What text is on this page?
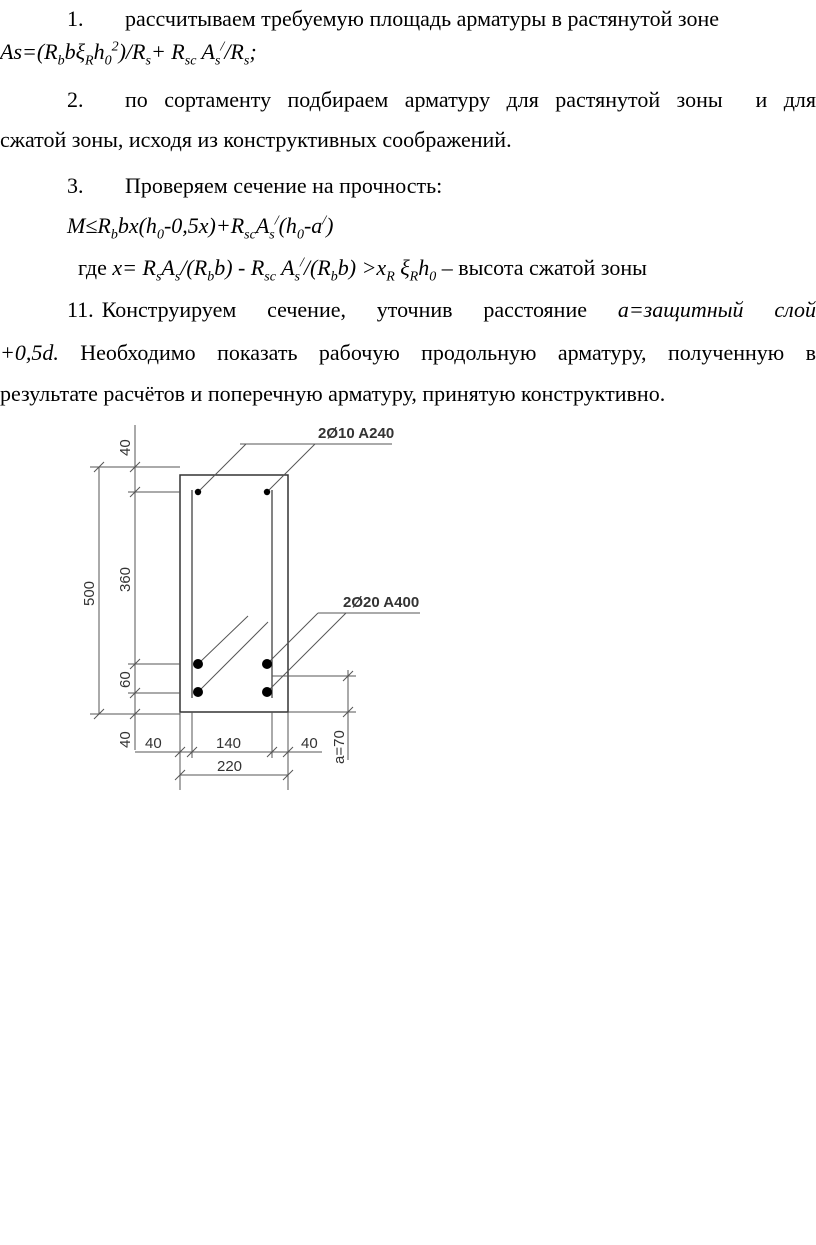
1. рассчитываем требуемую площадь арматуры в растянутой зоне
$As=(R_bb\xi_Rh_0^2)/R_s+ R_{sc}$ $A_s^//R_s$;
2. по сортаменту подбираем арматуру для растянутой зоны и для
сжатой зоны, исходя из конструктивных соображений.
3. Проверяем сечение на прочность:
$M\le R_bbx(h_0-0,5x)+R_{sc}A_s^/(h_0-a^/)$
где $x= R_sA_s/(R_bb) - R_{sc}$ $A_s^//(R_bb) >x_R$ $\xi_Rh_0$ – высота сжатой зоны
11. Конструируем сечение, уточнив расстояние a=защитный слой
+0,5d. Необходимо показать рабочую продольную арматуру, полученную в
результате расчётов и поперечную арматуру, принятую конструктивно.
2Ø10 A240
2Ø20 A400
40
360
500
60
40	a=70
40	140	40
220
